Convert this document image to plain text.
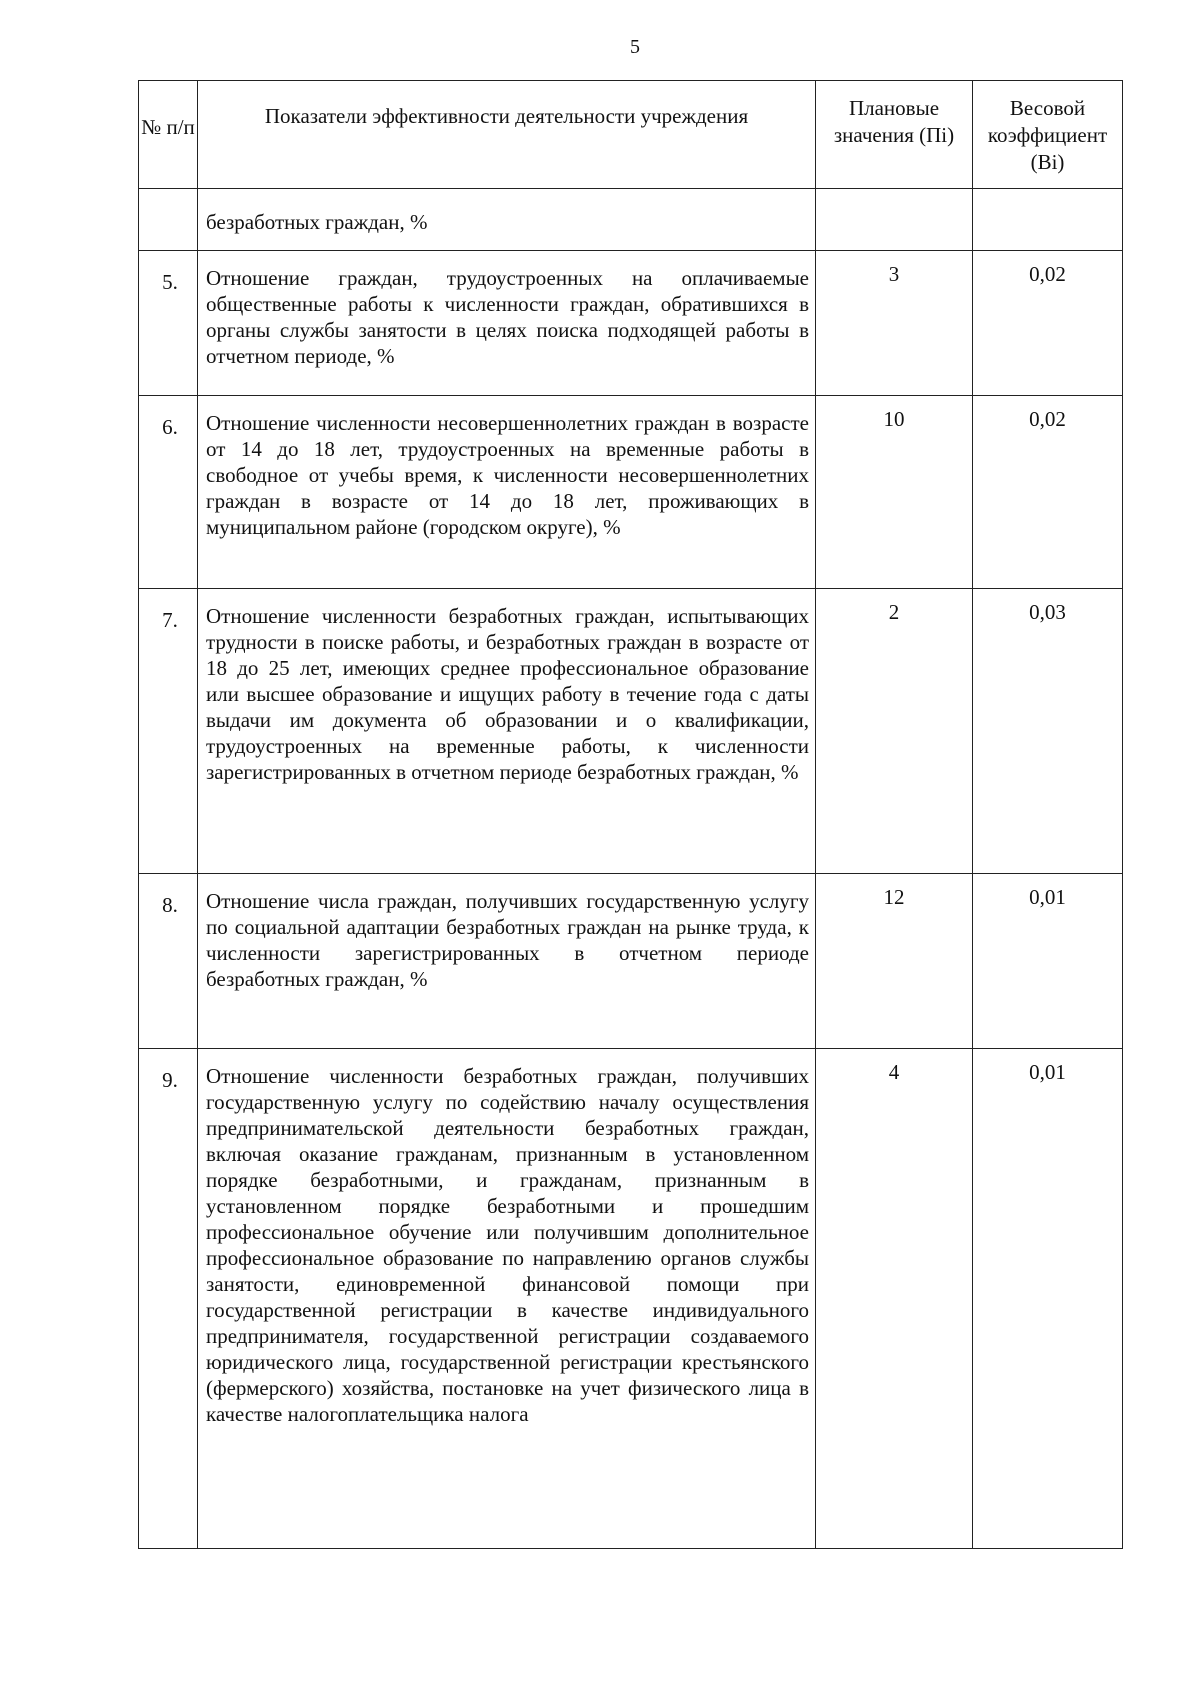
5
№ п/п	Показатели эффективности деятельности учреждения	Плановые значения (Пi)	Весовой коэффициент (Bi)
	безработных граждан, %		
5.	Отношение граждан, трудоустроенных на оплачиваемые общественные работы к численности граждан, обратившихся в органы службы занятости в целях поиска подходящей работы в отчетном периоде, %	3	0,02
6.	Отношение численности несовершеннолетних граждан в возрасте от 14 до 18 лет, трудоустроенных на временные работы в свободное от учебы время, к численности несовершеннолетних граждан в возрасте от 14 до 18 лет, проживающих в муниципальном районе (городском округе), %	10	0,02
7.	Отношение численности безработных граждан, испытывающих трудности в поиске работы, и безработных граждан в возрасте от 18 до 25 лет, имеющих среднее профессиональное образование или высшее образование и ищущих работу в течение года с даты выдачи им документа об образовании и о квалификации, трудоустроенных на временные работы, к численности зарегистрированных в отчетном периоде безработных граждан, %	2	0,03
8.	Отношение числа граждан, получивших государственную услугу по социальной адаптации безработных граждан на рынке труда, к численности зарегистрированных в отчетном периоде безработных граждан, %	12	0,01
9.	Отношение численности безработных граждан, получивших государственную услугу по содействию началу осуществления предпринимательской деятельности безработных граждан, включая оказание гражданам, признанным в установленном порядке безработными, и гражданам, признанным в установленном порядке безработными и прошедшим профессиональное обучение или получившим дополнительное профессиональное образование по направлению органов службы занятости, единовременной финансовой помощи при государственной регистрации в качестве индивидуального предпринимателя, государственной регистрации создаваемого юридического лица, государственной регистрации крестьянского (фермерского) хозяйства, постановке на учет физического лица в качестве налогоплательщика налога	4	0,01
